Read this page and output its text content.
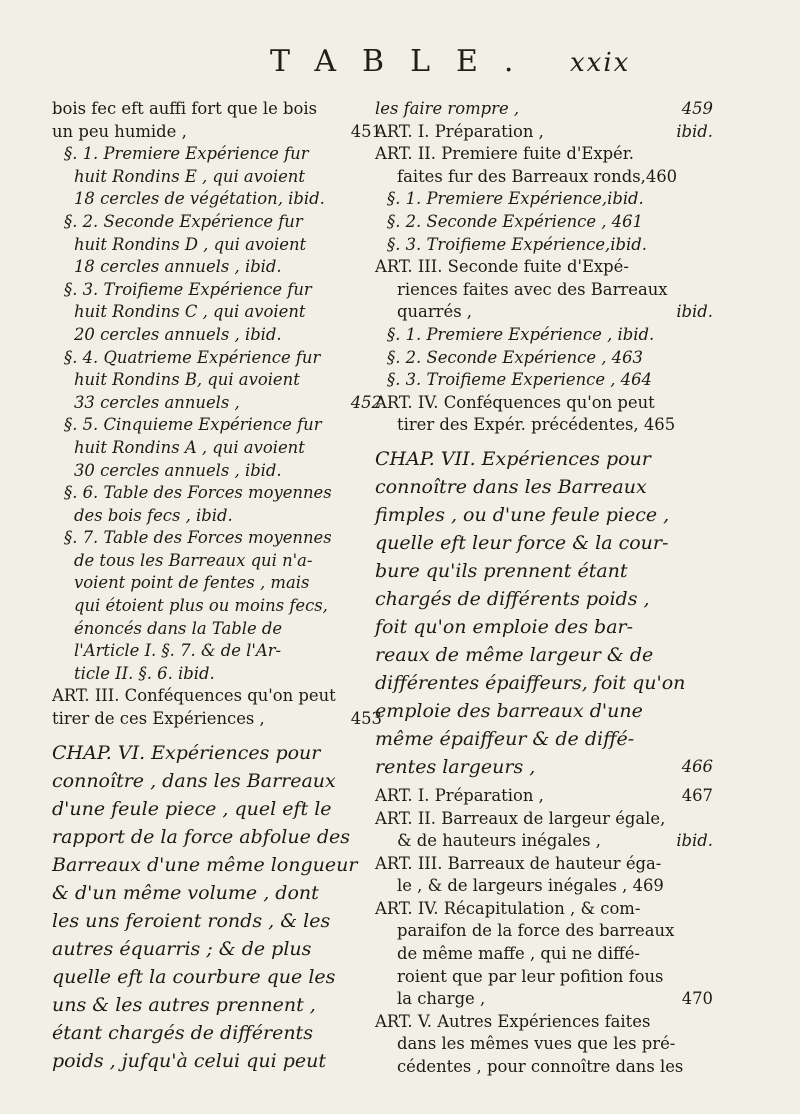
TABLE. xxix
bois fec eft auffi fort que le bois
un peu humide ,	451
§. 1. Premiere Expérience fur
huit Rondins E , qui avoient
18 cercles de végétation, ibid.
§. 2. Seconde Expérience fur
huit Rondins D , qui avoient
18 cercles annuels , ibid.
§. 3. Troifieme Expérience fur
huit Rondins C , qui avoient
20 cercles annuels , ibid.
§. 4. Quatrieme Expérience fur
huit Rondins B, qui avoient
33 cercles annuels ,	452
§. 5. Cinquieme Expérience fur
huit Rondins A , qui avoient
30 cercles annuels , ibid.
§. 6. Table des Forces moyennes
des bois fecs , ibid.
§. 7. Table des Forces moyennes
de tous les Barreaux qui n'a-
voient point de fentes , mais
qui étoient plus ou moins fecs,
énoncés dans la Table de
l'Article I. §. 7. & de l'Ar-
ticle II. §. 6. ibid.
ART. III. Conféquences qu'on peut
tirer de ces Expériences ,	453
CHAP. VI. Expériences pour
connoître , dans les Barreaux
d'une feule piece , quel eft le
rapport de la force abfolue des
Barreaux d'une même longueur
& d'un même volume , dont
les uns feroient ronds , & les
autres équarris ; & de plus
quelle eft la courbure que les
uns & les autres prennent ,
étant chargés de différents
poids , jufqu'à celui qui peut
les faire rompre ,	459
ART. I. Préparation ,	ibid.
ART. II. Premiere fuite d'Expér.
faites fur des Barreaux ronds,460
§. 1. Premiere Expérience,ibid.
§. 2. Seconde Expérience , 461
§. 3. Troifieme Expérience,ibid.
ART. III. Seconde fuite d'Expé-
riences faites avec des Barreaux
quarrés ,	ibid.
§. 1. Premiere Expérience , ibid.
§. 2. Seconde Expérience , 463
§. 3. Troifieme Experience , 464
ART. IV. Conféquences qu'on peut
tirer des Expér. précédentes, 465
CHAP. VII. Expériences pour
connoître dans les Barreaux
fimples , ou d'une feule piece ,
quelle eft leur force & la cour-
bure qu'ils prennent étant
chargés de différents poids ,
foit qu'on emploie des bar-
reaux de même largeur & de
différentes épaiffeurs, foit qu'on
emploie des barreaux d'une
même épaiffeur & de diffé-
rentes largeurs ,	466
ART. I. Préparation ,	467
ART. II. Barreaux de largeur égale,
& de hauteurs inégales ,	ibid.
ART. III. Barreaux de hauteur éga-
le , & de largeurs inégales , 469
ART. IV. Récapitulation , & com-
paraifon de la force des barreaux
de même maffe , qui ne diffé-
roient que par leur pofition fous
la charge ,	470
ART. V. Autres Expériences faites
dans les mêmes vues que les pré-
cédentes , pour connoître dans les
